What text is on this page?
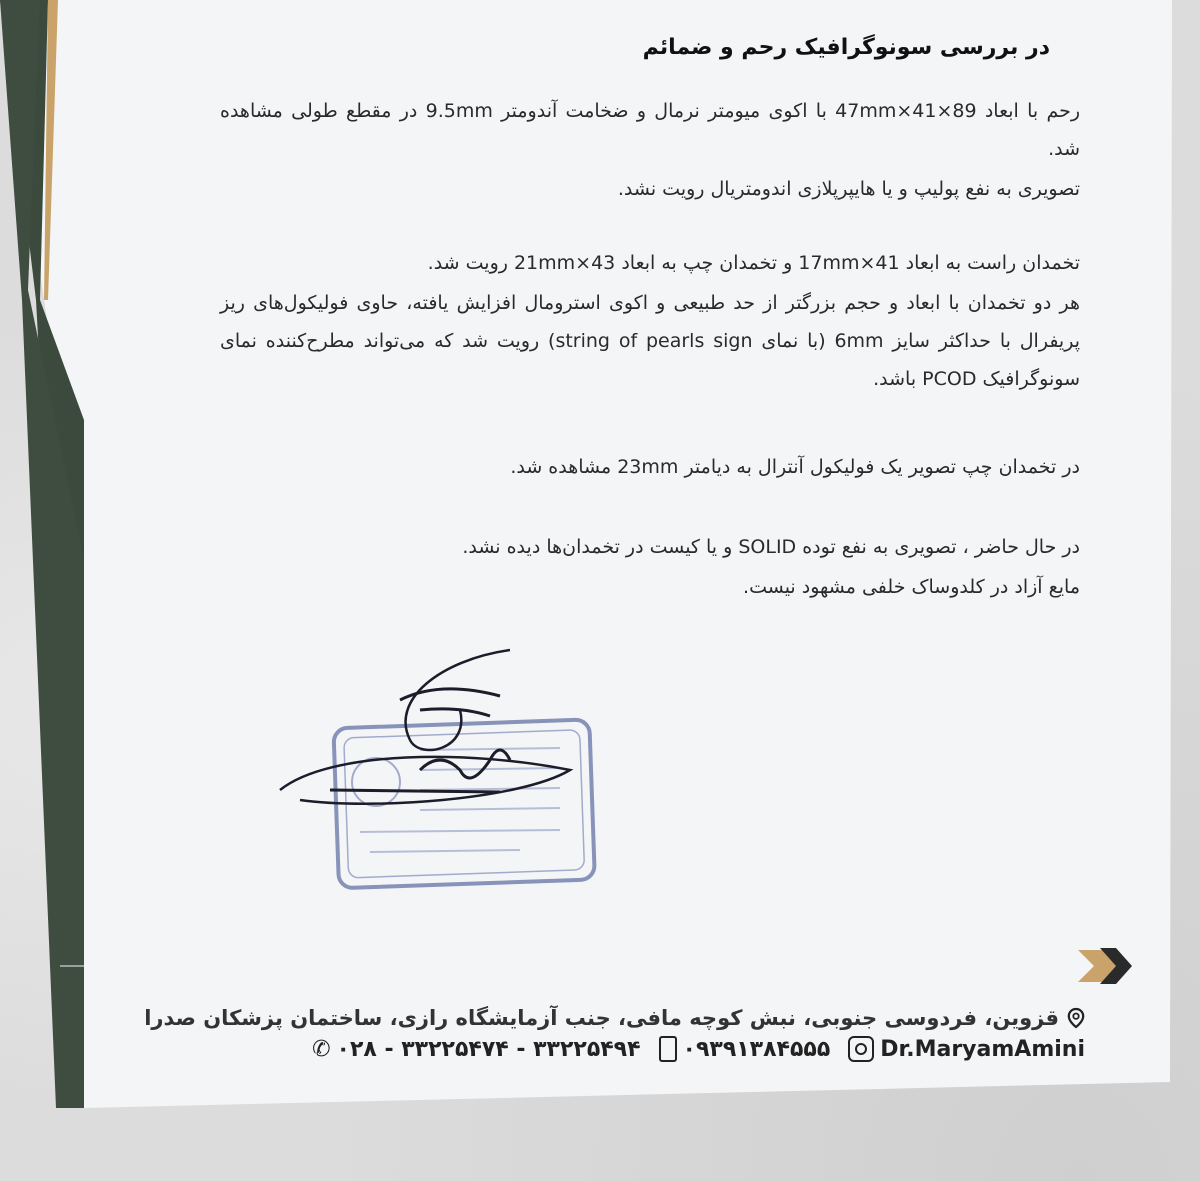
در بررسی سونوگرافیک رحم و ضمائم
رحم با ابعاد 89×41×47mm با اکوی میومتر نرمال و ضخامت آندومتر 9.5mm در مقطع طولی مشاهده شد.
تصویری به نفع پولیپ و یا هایپرپلازی اندومتریال رویت نشد.
تخمدان راست به ابعاد 41×17mm و تخمدان چپ به ابعاد 43×21mm رویت شد.
هر دو تخمدان با ابعاد و حجم بزرگتر از حد طبیعی و اکوی استرومال افزایش یافته، حاوی فولیکول‌های ریز پریفرال با حداکثر سایز 6mm (با نمای string of pearls sign) رویت شد که می‌تواند مطرح‌کننده نمای سونوگرافیک PCOD باشد.
در تخمدان چپ تصویر یک فولیکول آنترال به دیامتر 23mm مشاهده شد.
در حال حاضر ، تصویری به نفع توده SOLID و یا کیست در تخمدان‌ها دیده نشد.
مایع آزاد در کلدوساک خلفی مشهود نیست.
قزوین، فردوسی جنوبی، نبش کوچه مافی، جنب آزمایشگاه رازی، ساختمان پزشکان صدرا
✆ ۰۲۸ - ۳۳۲۲۵۴۷۴ - ۳۳۲۲۵۴۹۴ ۰۹۳۹۱۳۸۴۵۵۵ Dr.MaryamAmini
